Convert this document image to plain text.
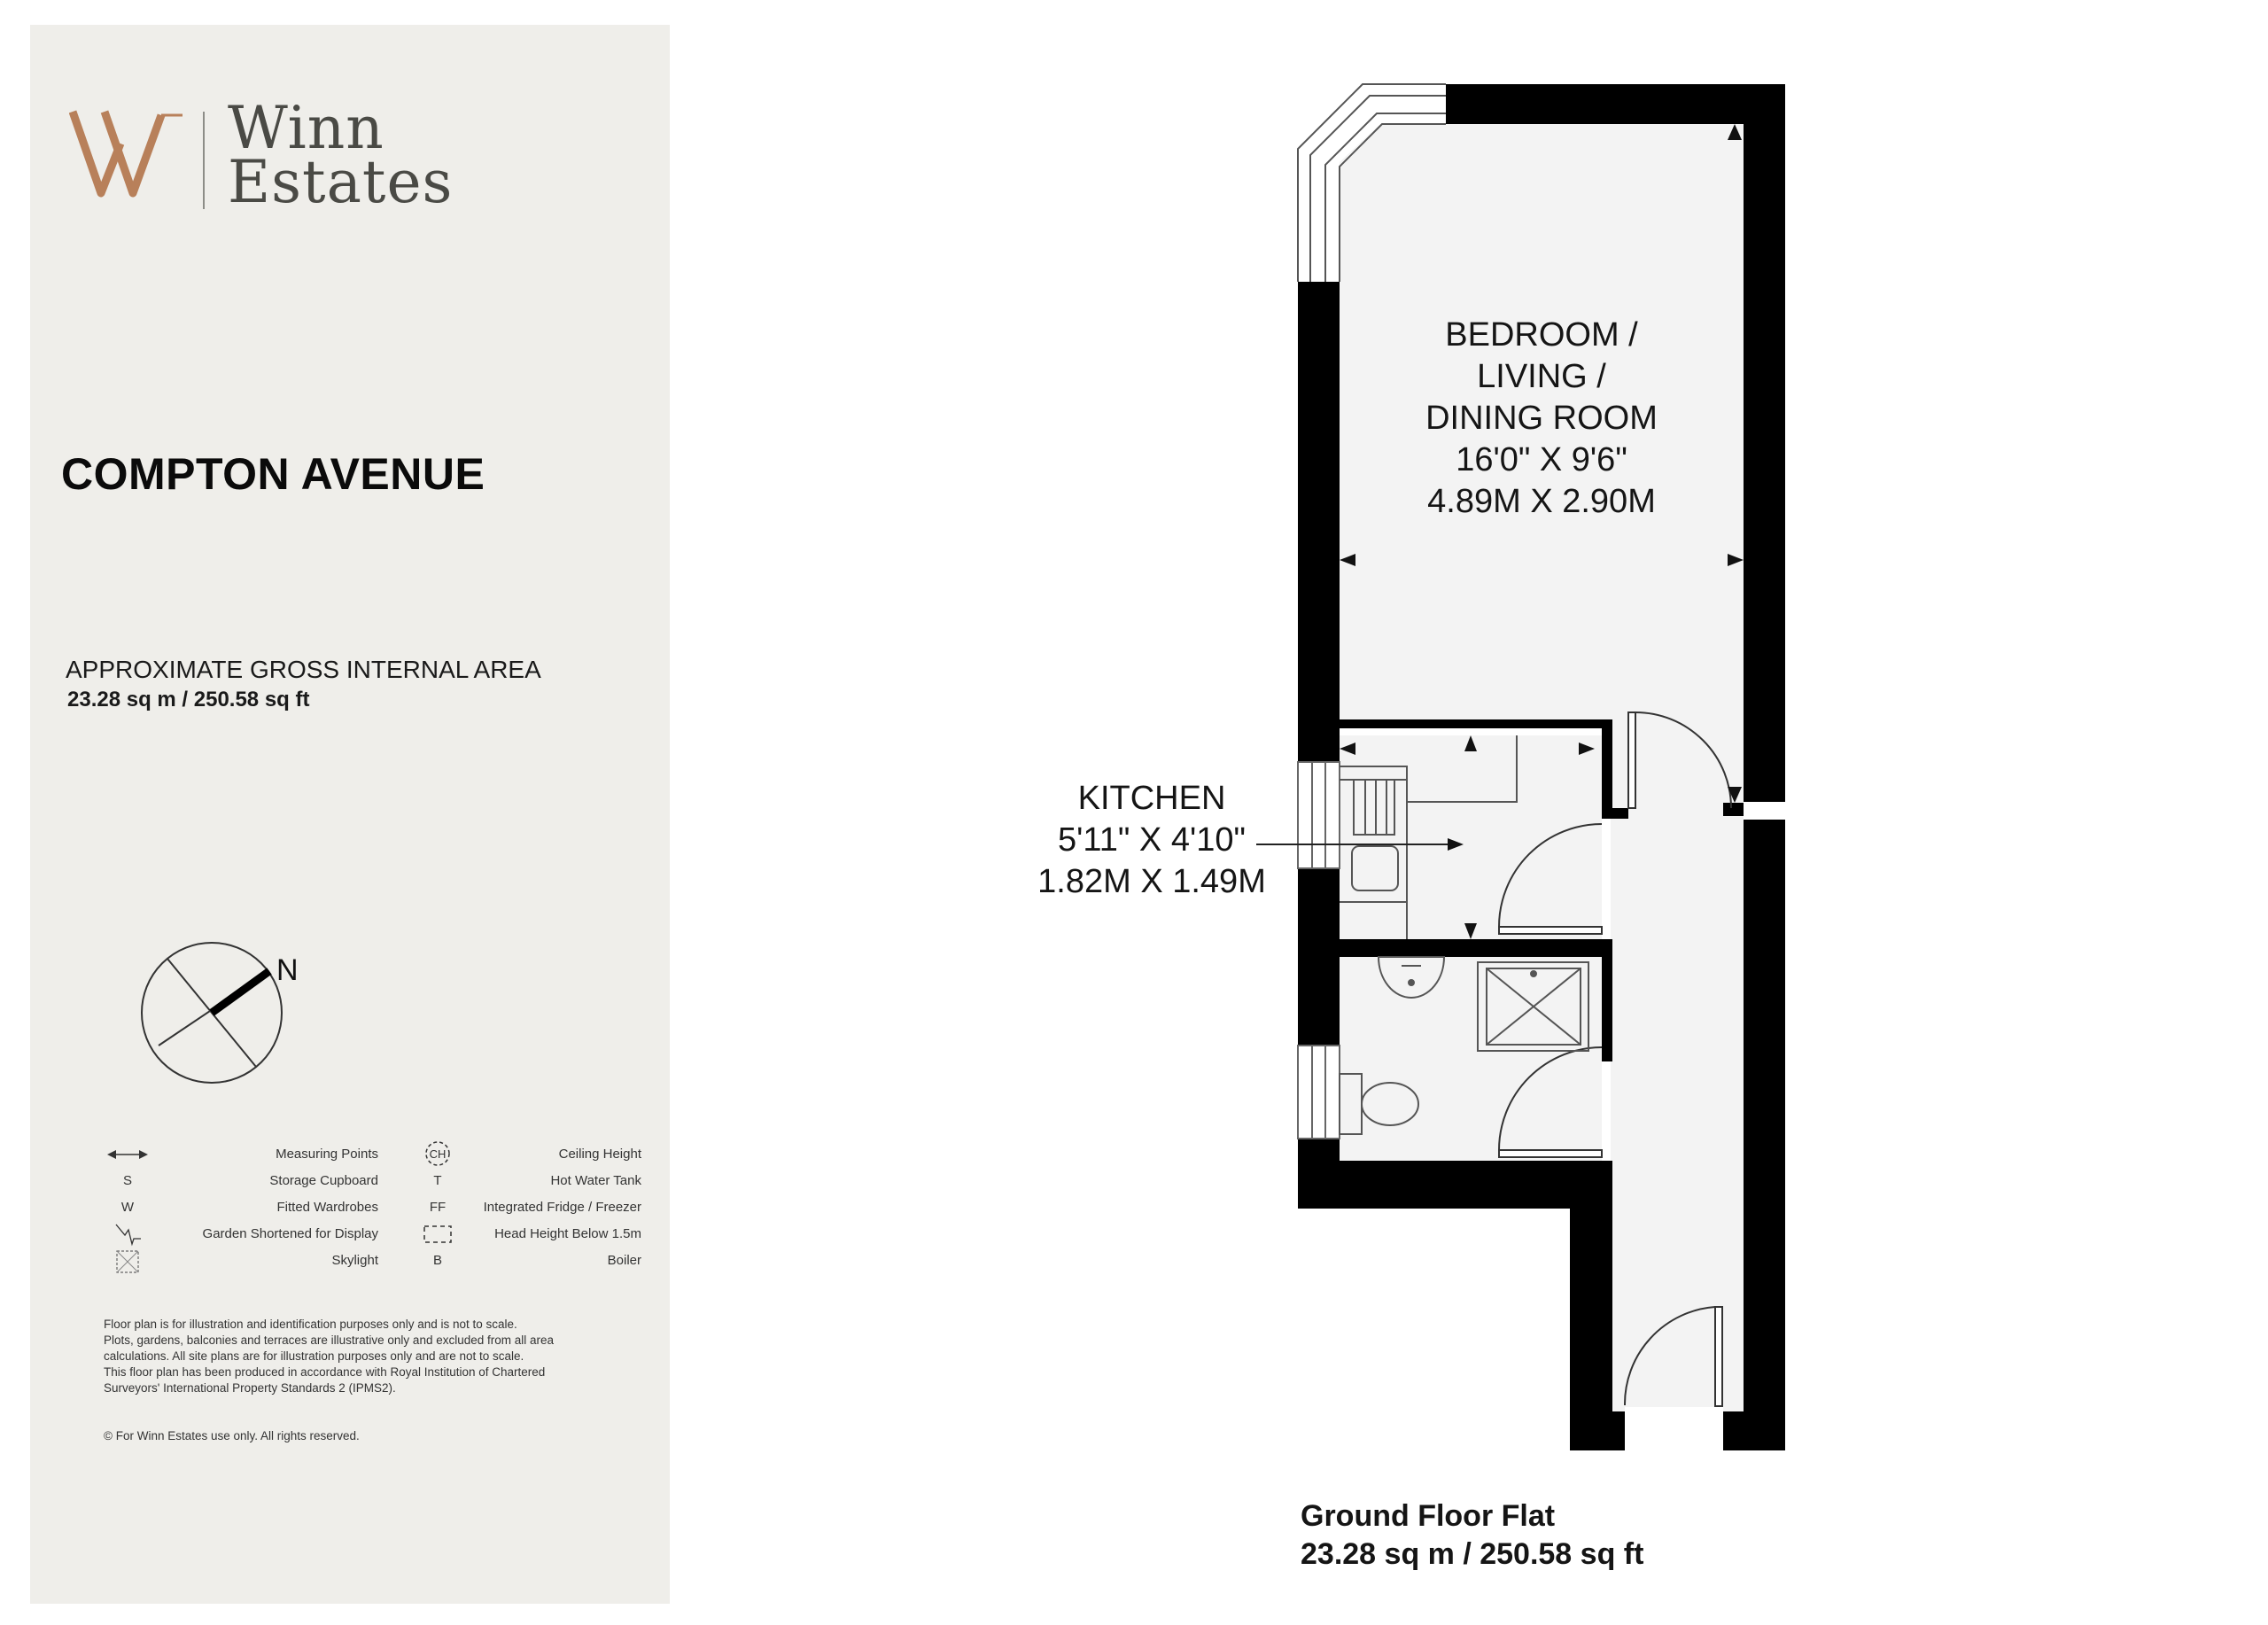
Winn
Estates
COMPTON AVENUE
APPROXIMATE GROSS INTERNAL AREA
23.28 sq m / 250.58 sq ft
N
Measuring Points	CH	Ceiling Height
S	Storage Cupboard	T	Hot Water Tank
W	Fitted Wardrobes	FF	Integrated Fridge / Freezer
Garden Shortened for Display	Head Height Below 1.5m
Skylight	B	Boiler
Floor plan is for illustration and identification purposes only and is not to scale.
Plots, gardens, balconies and terraces are illustrative only and excluded from all area
calculations. All site plans are for illustration purposes only and are not to scale.
This floor plan has been produced in accordance with Royal Institution of Chartered
Surveyors' International Property Standards 2 (IPMS2).
© For Winn Estates use only. All rights reserved.
BEDROOM /
LIVING /
DINING ROOM
16'0" X 9'6"
4.89M X 2.90M
KITCHEN
5'11" X 4'10"
1.82M X 1.49M
Ground Floor Flat
23.28 sq m / 250.58 sq ft
